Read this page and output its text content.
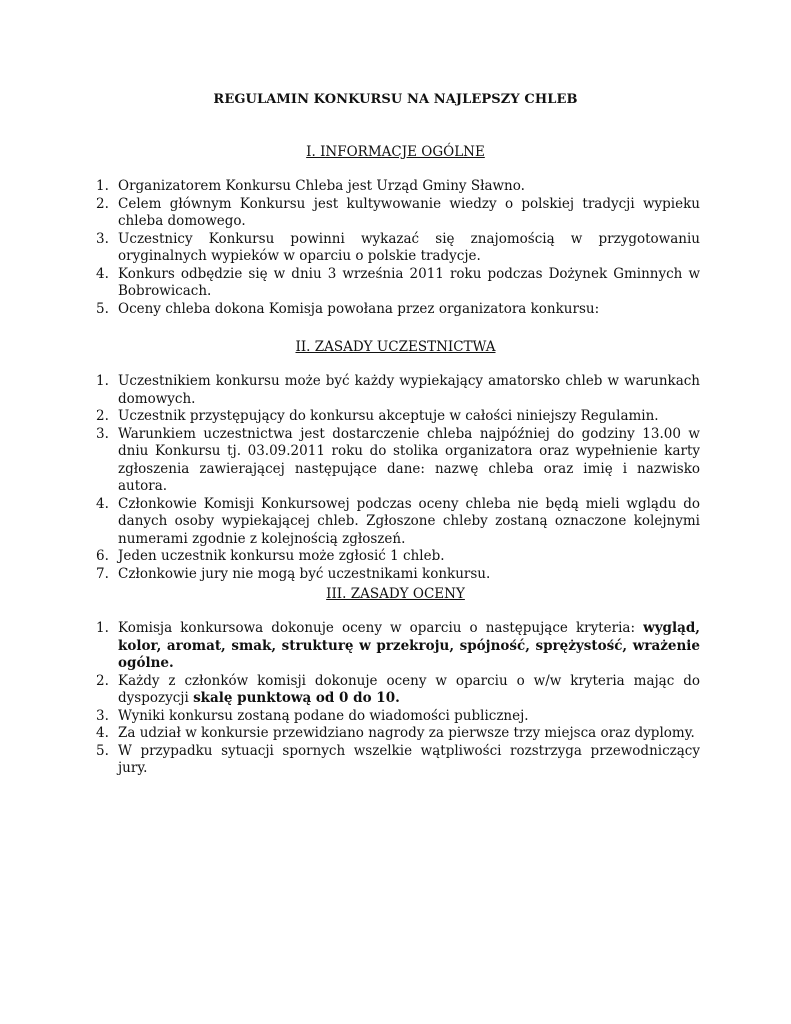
REGULAMIN KONKURSU NA NAJLEPSZY CHLEB
I. INFORMACJE OGÓLNE
1. Organizatorem Konkursu Chleba jest Urząd Gminy Sławno.
2. Celem głównym Konkursu jest kultywowanie wiedzy o polskiej tradycji wypieku chleba domowego.
3. Uczestnicy Konkursu powinni wykazać się znajomością w przygotowaniu oryginalnych wypieków w oparciu o polskie tradycje.
4. Konkurs odbędzie się w dniu 3 września 2011 roku podczas Dożynek Gminnych w Bobrowicach.
5. Oceny chleba dokona Komisja powołana przez organizatora konkursu:
II. ZASADY UCZESTNICTWA
1. Uczestnikiem konkursu może być każdy wypiekający amatorsko chleb w warunkach domowych.
2. Uczestnik przystępujący do konkursu akceptuje w całości niniejszy Regulamin.
3. Warunkiem uczestnictwa jest dostarczenie chleba najpóźniej do godziny 13.00 w dniu Konkursu tj. 03.09.2011 roku do stolika organizatora oraz wypełnienie karty zgłoszenia zawierającej następujące dane: nazwę chleba oraz imię i nazwisko autora.
4. Członkowie Komisji Konkursowej podczas oceny chleba nie będą mieli wglądu do danych osoby wypiekającej chleb. Zgłoszone chleby zostaną oznaczone kolejnymi numerami zgodnie z kolejnością zgłoszeń.
6. Jeden uczestnik konkursu może zgłosić 1 chleb.
7. Członkowie jury nie mogą być uczestnikami konkursu.
III. ZASADY OCENY
1. Komisja konkursowa dokonuje oceny w oparciu o następujące kryteria: wygląd, kolor, aromat, smak, strukturę w przekroju, spójność, sprężystość, wrażenie ogólne.
2. Każdy z członków komisji dokonuje oceny w oparciu o w/w kryteria mając do dyspozycji skalę punktową od 0 do 10.
3. Wyniki konkursu zostaną podane do wiadomości publicznej.
4. Za udział w konkursie przewidziano nagrody za pierwsze trzy miejsca oraz dyplomy.
5. W przypadku sytuacji spornych wszelkie wątpliwości rozstrzyga przewodniczący jury.
